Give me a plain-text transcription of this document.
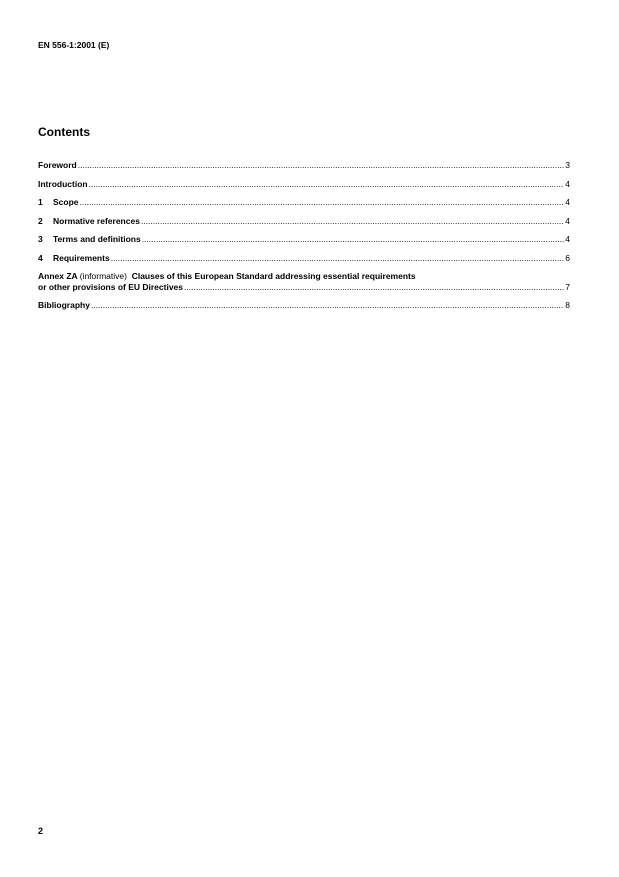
EN 556-1:2001 (E)
Contents
Foreword .....	3
Introduction .....	4
1 Scope .....	4
2 Normative references .....	4
3 Terms and definitions .....	4
4 Requirements .....	6
Annex ZA (informative) Clauses of this European Standard addressing essential requirements
or other provisions of EU Directives .....	7
Bibliography .....	8
2
